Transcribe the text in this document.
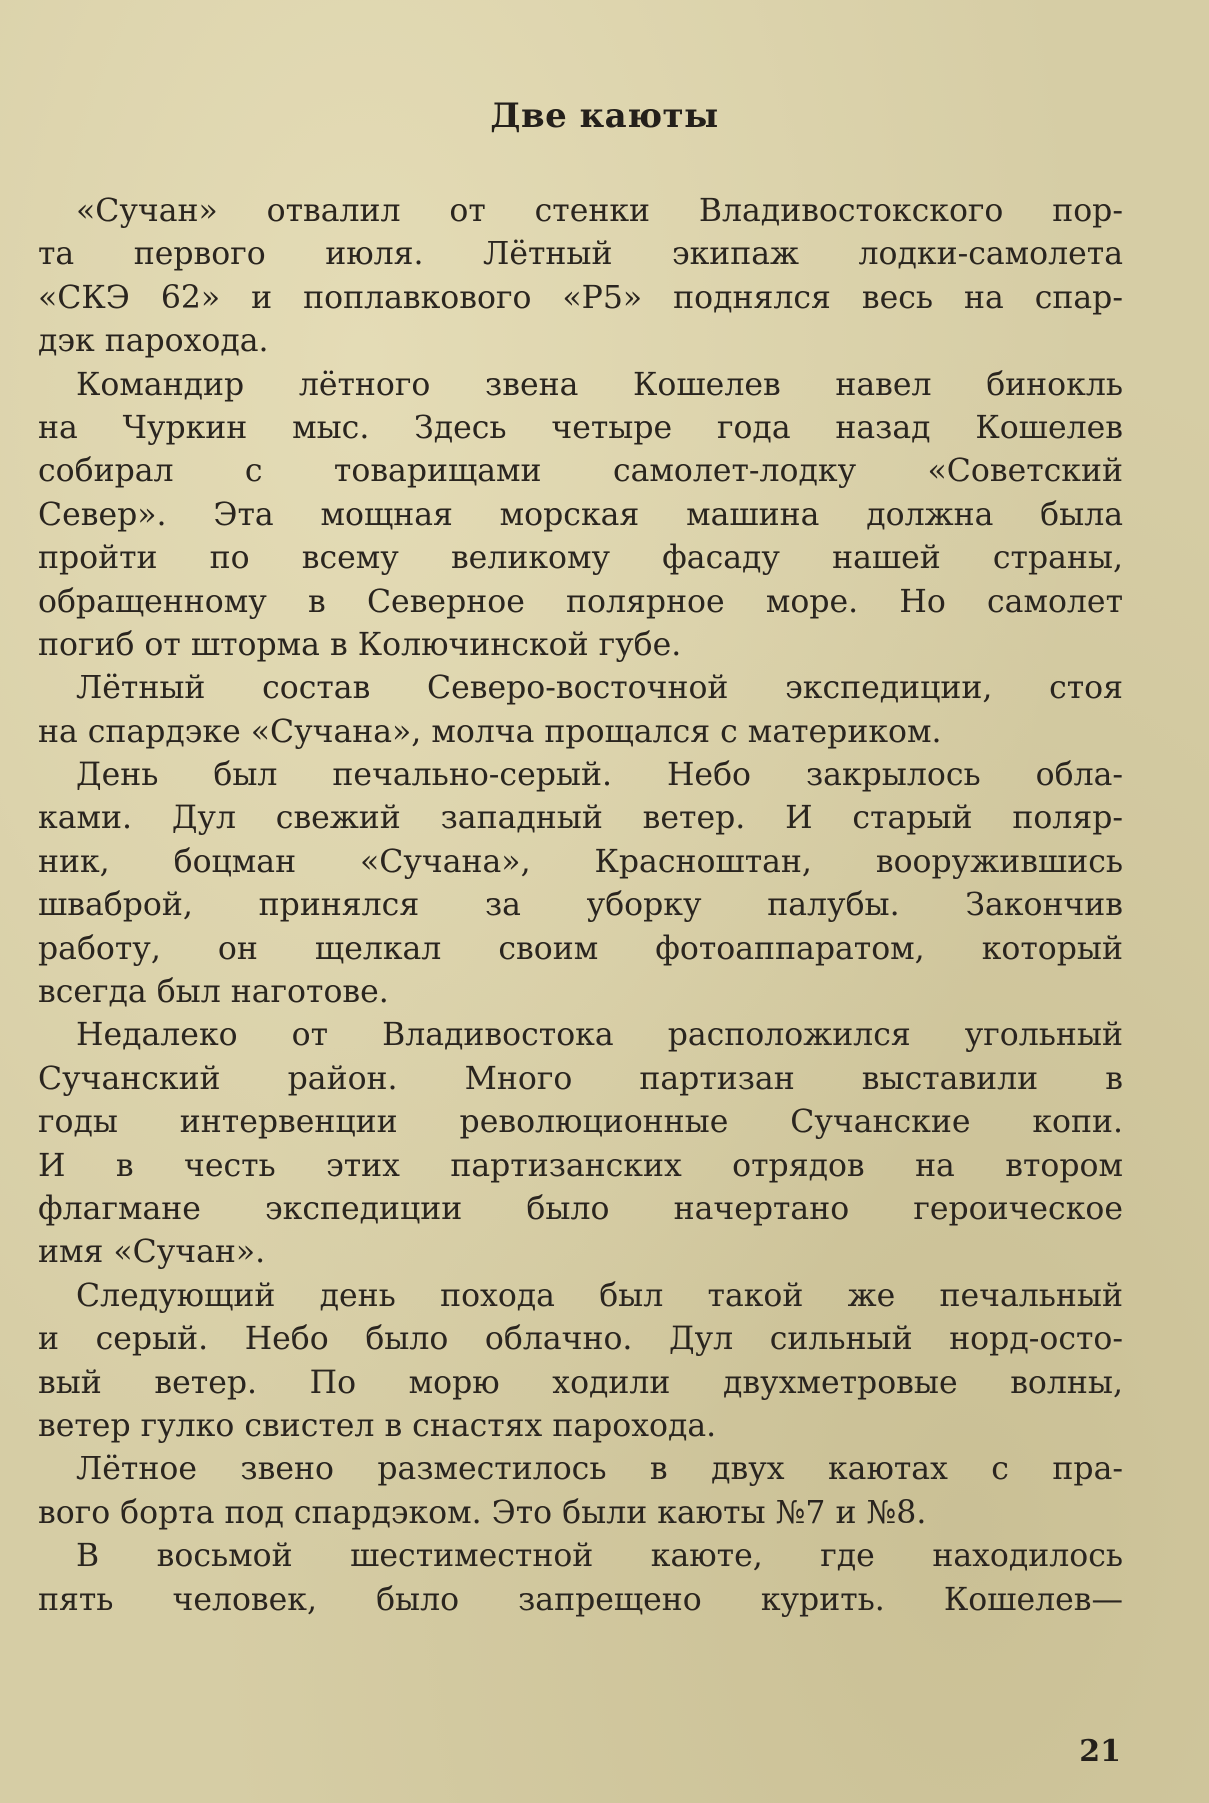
Две каюты
«Сучан» отвалил от стенки Владивостокского пор-
та первого июля. Лётный экипаж лодки-самолета
«СКЭ 62» и поплавкового «Р5» поднялся весь на спар-
дэк парохода.
Командир лётного звена Кошелев навел бинокль
на Чуркин мыс. Здесь четыре года назад Кошелев
собирал с товарищами самолет-лодку «Советский
Север». Эта мощная морская машина должна была
пройти по всему великому фасаду нашей страны,
обращенному в Северное полярное море. Но самолет
погиб от шторма в Колючинской губе.
Лётный состав Северо-восточной экспедиции, стоя
на спардэке «Сучана», молча прощался с материком.
День был печально-серый. Небо закрылось обла-
ками. Дул свежий западный ветер. И старый поляр-
ник, боцман «Сучана», Красноштан, вооружившись
шваброй, принялся за уборку палубы. Закончив
работу, он щелкал своим фотоаппаратом, который
всегда был наготове.
Недалеко от Владивостока расположился угольный
Сучанский район. Много партизан выставили в
годы интервенции революционные Сучанские копи.
И в честь этих партизанских отрядов на втором
флагмане экспедиции было начертано героическое
имя «Сучан».
Следующий день похода был такой же печальный
и серый. Небо было облачно. Дул сильный норд-осто-
вый ветер. По морю ходили двухметровые волны,
ветер гулко свистел в снастях парохода.
Лётное звено разместилось в двух каютах с пра-
вого борта под спардэком. Это были каюты №7 и №8.
В восьмой шестиместной каюте, где находилось
пять человек, было запрещено курить. Кошелев—
21
